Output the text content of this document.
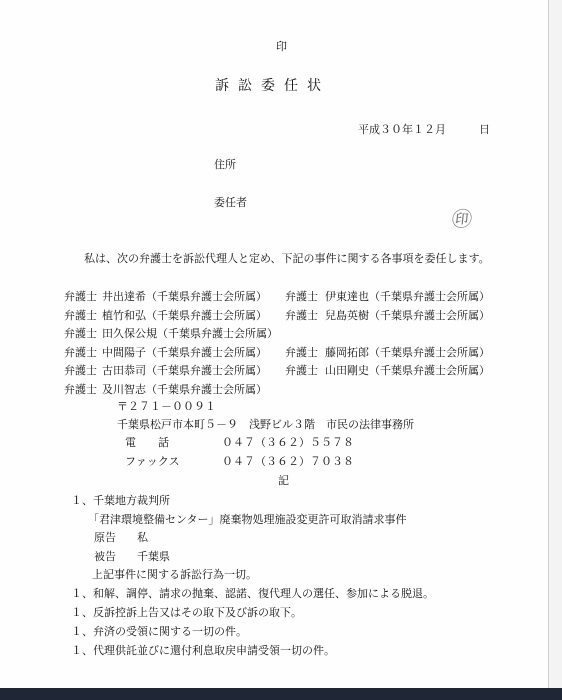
印
訴訟委任状
平成３０年１２月　　　日
住所
委任者
㊞
私は、次の弁護士を訴訟代理人と定め、下記の事件に関する各事項を委任します。
弁護士 井出達希（千葉県弁護士会所属） 弁護士 伊東達也（千葉県弁護士会所属）
弁護士 植竹和弘（千葉県弁護士会所属） 弁護士 兒島英樹（千葉県弁護士会所属）
弁護士 田久保公規（千葉県弁護士会所属）
弁護士 中間陽子（千葉県弁護士会所属） 弁護士 藤岡拓郎（千葉県弁護士会所属）
弁護士 古田恭司（千葉県弁護士会所属） 弁護士 山田剛史（千葉県弁護士会所属）
弁護士 及川智志（千葉県弁護士会所属）
〒２７１－００９１
千葉県松戸市本町５－９　浅野ビル３階　市民の法律事務所
電　　話	０４７（３６２）５５７８
ファックス	０４７（３６２）７０３８
記
１、千葉地方裁判所
「君津環境整備センター」廃棄物処理施設変更許可取消請求事件
原告 私
被告 千葉県
上記事件に関する訴訟行為一切。
１、和解、調停、請求の抛棄、認諾、復代理人の選任、参加による脱退。
１、反訴控訴上告又はその取下及び訴の取下。
１、弁済の受領に関する一切の件。
１、代理供託並びに還付利息取戻申請受領一切の件。
